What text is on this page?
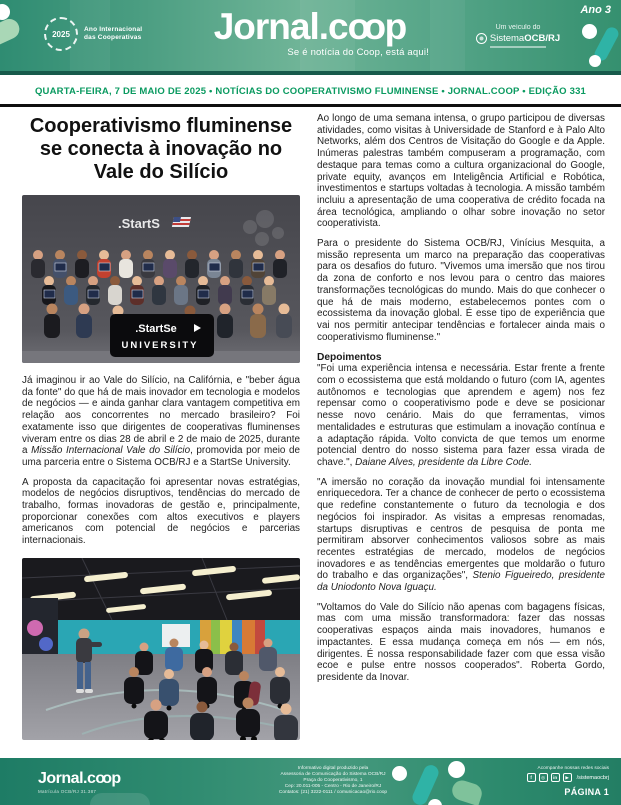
2025 Ano Internacional
das Cooperativas	Jornal.coo p
Se é notícia do Coop, está aqui!
Ano 3
Um veículo do
SistemaOCB/RJ
QUARTA-FEIRA, 7 DE MAIO DE 2025 • NOTÍCIAS DO COOPERATIVISMO FLUMINENSE • JORNAL.COOP • EDIÇÃO 331
Cooperativismo fluminense se conecta à inovação no Vale do Silício
.StartS
.StartSe
UNIVERSITY

Já imaginou ir ao Vale do Silício, na Califórnia, e "beber água da fonte" do que há de mais inovador em tecnologia e modelos de negócios — e ainda ganhar clara vantagem competitiva em relação aos concorrentes no mercado brasileiro? Foi exatamente isso que dirigentes de cooperativas fluminenses viveram entre os dias 28 de abril e 2 de maio de 2025, durante a Missão Internacional Vale do Silício, promovida por meio de uma parceria entre o Sistema OCB/RJ e a StartSe University.

A proposta da capacitação foi apresentar novas estratégias, modelos de negócios disruptivos, tendências do mercado de trabalho, formas inovadoras de gestão e, principalmente, proporcionar conexões com altos executivos e players americanos com potencial de negócios e parcerias internacionais.

Ao longo de uma semana intensa, o grupo participou de diversas atividades, como visitas à Universidade de Stanford e à Palo Alto Networks, além dos Centros de Visitação do Google e da Apple. Inúmeras palestras também compuseram a programação, com destaque para temas como a cultura organizacional do Google, private equity, avanços em Inteligência Artificial e Robótica, investimentos e startups voltadas à tecnologia. A missão também incluiu a apresentação de uma cooperativa de crédito focada na área tecnológica, ampliando o olhar sobre inovação no setor cooperativista.

Para o presidente do Sistema OCB/RJ, Vinícius Mesquita, a missão representa um marco na preparação das cooperativas para os desafios do futuro. "Vivemos uma imersão que nos tirou da zona de conforto e nos levou para o centro das maiores transformações tecnológicas do mundo. Mais do que conhecer o que há de mais moderno, estabelecemos pontes com o ecossistema da inovação global. É esse tipo de experiência que vai nos permitir antecipar tendências e fortalecer ainda mais o cooperativismo fluminense."

Depoimentos

"Foi uma experiência intensa e necessária. Estar frente a frente com o ecossistema que está moldando o futuro (com IA, agentes autônomos e tecnologias que aprendem e agem) nos fez repensar como o cooperativismo pode e deve se posicionar nesse novo cenário. Mais do que ferramentas, vimos mentalidades e estruturas que estimulam a inovação contínua e a adaptação rápida. Volto convicta de que temos um enorme potencial dentro do nosso sistema para fazer essa virada de chave.", Daiane Alves, presidente da Libre Code.

"A imersão no coração da inovação mundial foi intensamente enriquecedora. Ter a chance de conhecer de perto o ecossistema que redefine constantemente o futuro da tecnologia e dos negócios foi inspirador. As visitas a empresas renomadas, startups disruptivas e centros de pesquisa de ponta me permitiram absorver conhecimentos valiosos sobre as mais recentes estratégias de mercado, modelos de negócios inovadores e as tendências emergentes que moldarão o futuro do trabalho e das organizações", Stenio Figueiredo, presidente da Uniodonto Nova Iguaçu.

"Voltamos do Vale do Silício não apenas com bagagens físicas, mas com uma missão transformadora: fazer das nossas cooperativas espaços ainda mais inovadores, humanos e impactantes. E essa mudança começa em nós — em nós, dirigentes. É nossa responsabilidade fazer com que essa visão ecoe e pulse entre nossos cooperados". Roberta Gordo, presidente da Inovar.

Jornal.coo p
Matrícula OCB/RJ 31.387
Informativo digital produzido pela
Assessoria de Comunicação do Sistema OCB/RJ
Praça do Cooperativismo, 1
Cep: 20.011-005 - Centro - Rio de Janeiro/RJ
Contatos: (21) 3222-0111 / comunicacao@rio.coop
Acompanhe nossas redes sociais
f	◎	in	▶	/sistemaocbrj
PÁGINA 1
